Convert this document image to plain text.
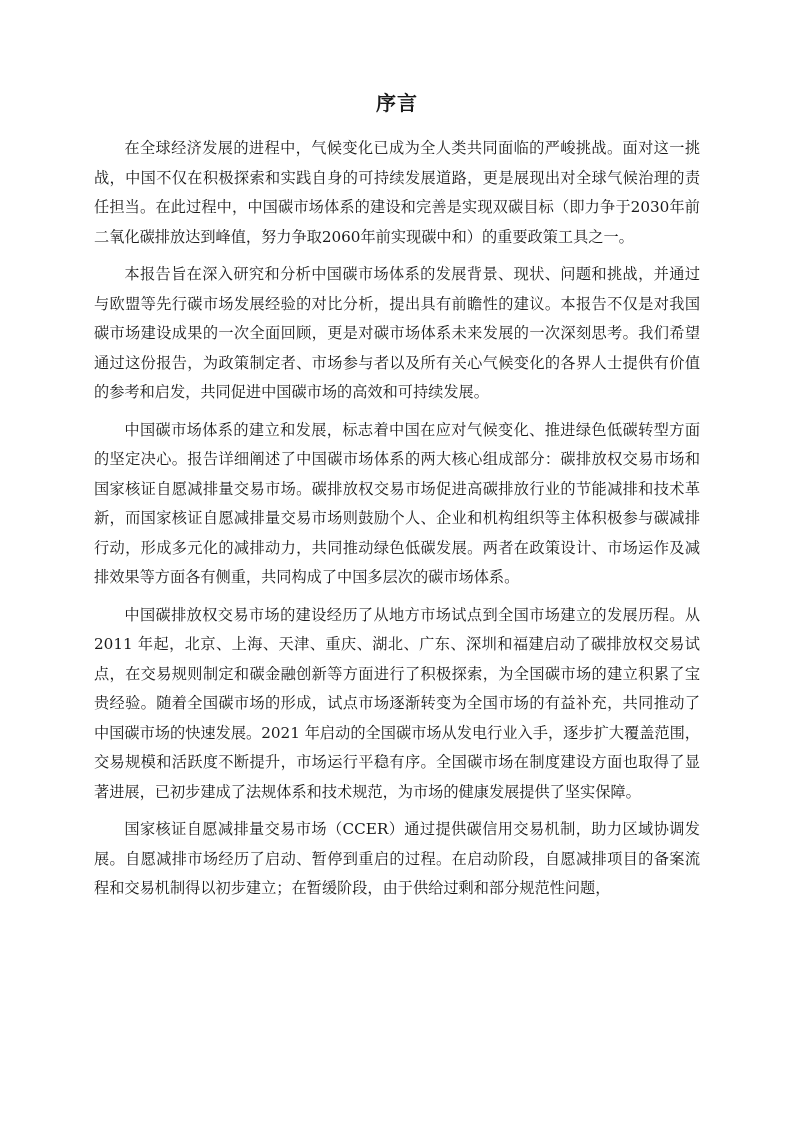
序言

在全球经济发展的进程中，气候变化已成为全人类共同面临的严峻挑战。面对这一挑战，中国不仅在积极探索和实践自身的可持续发展道路，更是展现出对全球气候治理的责任担当。在此过程中，中国碳市场体系的建设和完善是实现双碳目标（即力争于2030年前二氧化碳排放达到峰值，努力争取2060年前实现碳中和）的重要政策工具之一。

本报告旨在深入研究和分析中国碳市场体系的发展背景、现状、问题和挑战，并通过与欧盟等先行碳市场发展经验的对比分析，提出具有前瞻性的建议。本报告不仅是对我国碳市场建设成果的一次全面回顾，更是对碳市场体系未来发展的一次深刻思考。我们希望通过这份报告，为政策制定者、市场参与者以及所有关心气候变化的各界人士提供有价值的参考和启发，共同促进中国碳市场的高效和可持续发展。

中国碳市场体系的建立和发展，标志着中国在应对气候变化、推进绿色低碳转型方面的坚定决心。报告详细阐述了中国碳市场体系的两大核心组成部分：碳排放权交易市场和国家核证自愿减排量交易市场。碳排放权交易市场促进高碳排放行业的节能减排和技术革新，而国家核证自愿减排量交易市场则鼓励个人、企业和机构组织等主体积极参与碳减排行动，形成多元化的减排动力，共同推动绿色低碳发展。两者在政策设计、市场运作及减排效果等方面各有侧重，共同构成了中国多层次的碳市场体系。

中国碳排放权交易市场的建设经历了从地方市场试点到全国市场建立的发展历程。从 2011 年起，北京、上海、天津、重庆、湖北、广东、深圳和福建启动了碳排放权交易试点，在交易规则制定和碳金融创新等方面进行了积极探索，为全国碳市场的建立积累了宝贵经验。随着全国碳市场的形成，试点市场逐渐转变为全国市场的有益补充，共同推动了中国碳市场的快速发展。2021 年启动的全国碳市场从发电行业入手，逐步扩大覆盖范围，交易规模和活跃度不断提升，市场运行平稳有序。全国碳市场在制度建设方面也取得了显著进展，已初步建成了法规体系和技术规范，为市场的健康发展提供了坚实保障。

国家核证自愿减排量交易市场（CCER）通过提供碳信用交易机制，助力区域协调发展。自愿减排市场经历了启动、暂停到重启的过程。在启动阶段，自愿减排项目的备案流程和交易机制得以初步建立；在暂缓阶段，由于供给过剩和部分规范性问题，
